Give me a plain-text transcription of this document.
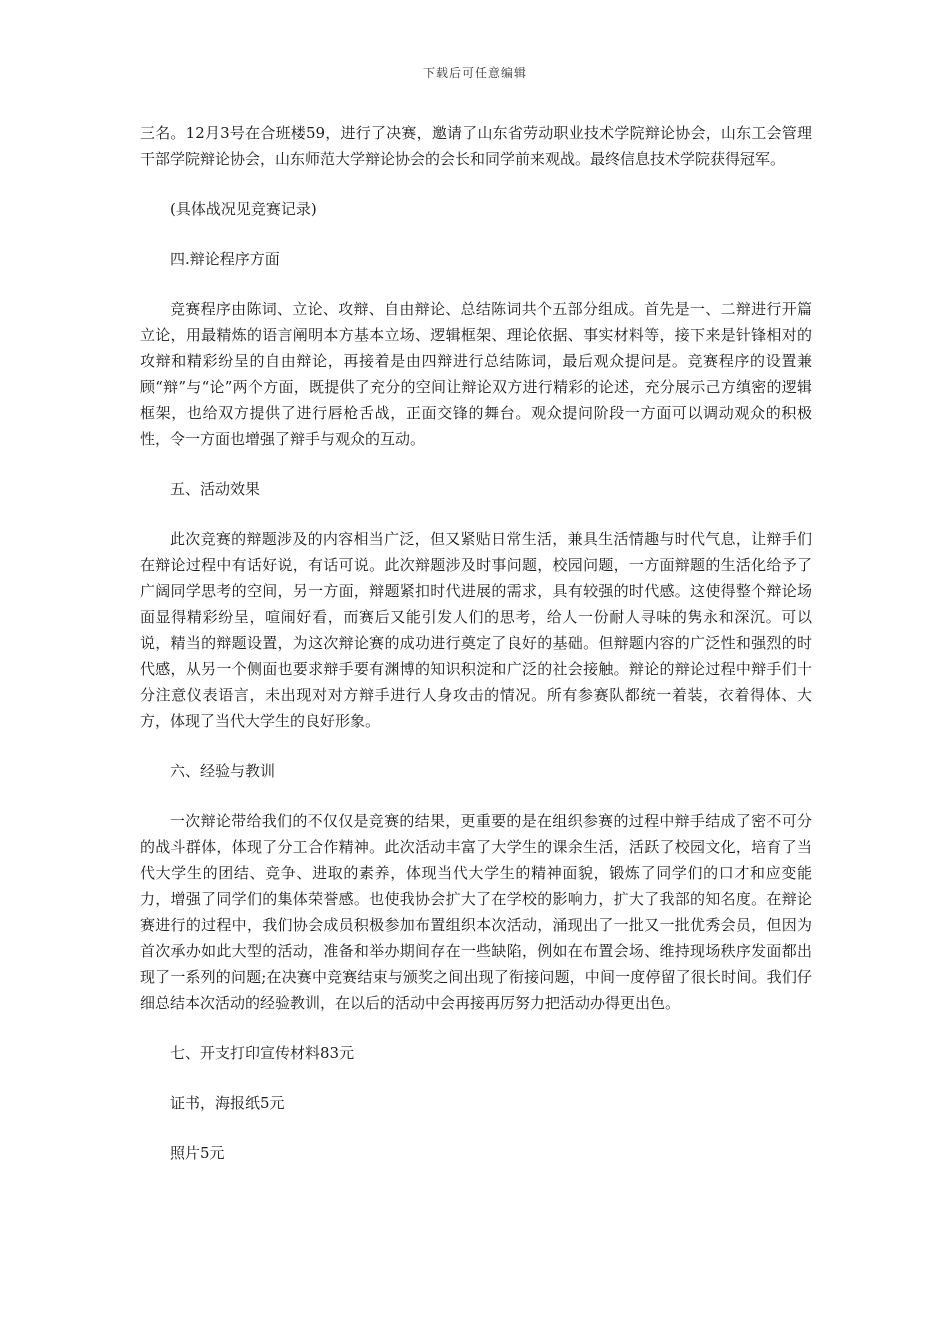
下载后可任意编辑

三名。12月3号在合班楼59，进行了决赛，邀请了山东省劳动职业技术学院辩论协会，山东工会管理干部学院辩论协会，山东师范大学辩论协会的会长和同学前来观战。最终信息技术学院获得冠军。

(具体战况见竞赛记录)

四.辩论程序方面

竞赛程序由陈词、立论、攻辩、自由辩论、总结陈词共个五部分组成。首先是一、二辩进行开篇立论，用最精炼的语言阐明本方基本立场、逻辑框架、理论依据、事实材料等，接下来是针锋相对的攻辩和精彩纷呈的自由辩论，再接着是由四辩进行总结陈词，最后观众提问是。竞赛程序的设置兼顾“辩”与“论”两个方面，既提供了充分的空间让辩论双方进行精彩的论述，充分展示己方缜密的逻辑框架，也给双方提供了进行唇枪舌战，正面交锋的舞台。观众提问阶段一方面可以调动观众的积极性，令一方面也增强了辩手与观众的互动。

五、活动效果

此次竞赛的辩题涉及的内容相当广泛，但又紧贴日常生活，兼具生活情趣与时代气息，让辩手们在辩论过程中有话好说，有话可说。此次辩题涉及时事问题，校园问题，一方面辩题的生活化给予了广阔同学思考的空间，另一方面，辩题紧扣时代进展的需求，具有较强的时代感。这使得整个辩论场面显得精彩纷呈，喧闹好看，而赛后又能引发人们的思考，给人一份耐人寻味的隽永和深沉。可以说，精当的辩题设置，为这次辩论赛的成功进行奠定了良好的基础。但辩题内容的广泛性和强烈的时代感，从另一个侧面也要求辩手要有渊博的知识积淀和广泛的社会接触。辩论的辩论过程中辩手们十分注意仪表语言，未出现对对方辩手进行人身攻击的情况。所有参赛队都统一着装，衣着得体、大方，体现了当代大学生的良好形象。

六、经验与教训

一次辩论带给我们的不仅仅是竞赛的结果，更重要的是在组织参赛的过程中辩手结成了密不可分的战斗群体，体现了分工合作精神。此次活动丰富了大学生的课余生活，活跃了校园文化，培育了当代大学生的团结、竞争、进取的素养，体现当代大学生的精神面貌，锻炼了同学们的口才和应变能力，增强了同学们的集体荣誉感。也使我协会扩大了在学校的影响力，扩大了我部的知名度。在辩论赛进行的过程中，我们协会成员积极参加布置组织本次活动，涌现出了一批又一批优秀会员，但因为首次承办如此大型的活动，准备和举办期间存在一些缺陷，例如在布置会场、维持现场秩序发面都出现了一系列的问题;在决赛中竞赛结束与颁奖之间出现了衔接问题，中间一度停留了很长时间。我们仔细总结本次活动的经验教训，在以后的活动中会再接再厉努力把活动办得更出色。

七、开支打印宣传材料83元

证书，海报纸5元

照片5元
